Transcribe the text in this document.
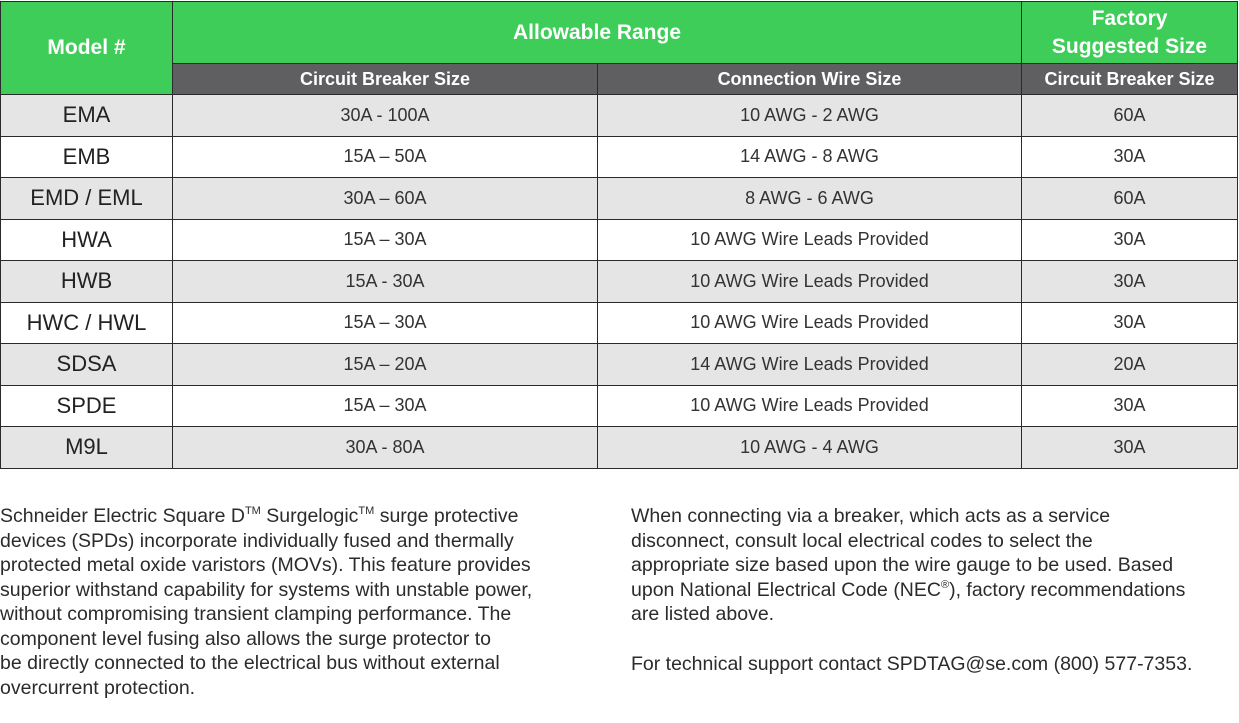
Model #	Allowable Range		Factory
Suggested Size

	Circuit Breaker Size	Connection Wire Size	Circuit Breaker Size
EMA	30A - 100A	10 AWG - 2 AWG	60A
EMB	15A – 50A	14 AWG - 8 AWG	30A
EMD / EML	30A – 60A	8 AWG - 6 AWG	60A
HWA	15A – 30A	10 AWG Wire Leads Provided	30A
HWB	15A - 30A	10 AWG Wire Leads Provided	30A
HWC / HWL	15A – 30A	10 AWG Wire Leads Provided	30A
SDSA	15A – 20A	14 AWG Wire Leads Provided	20A
SPDE	15A – 30A	10 AWG Wire Leads Provided	30A
M9L	30A - 80A	10 AWG - 4 AWG	30A
Schneider Electric Square D™ Surgelogic™ surge protective
devices (SPDs) incorporate individually fused and thermally
protected metal oxide varistors (MOVs). This feature provides
superior withstand capability for systems with unstable power,
without compromising transient clamping performance. The
component level fusing also allows the surge protector to
be directly connected to the electrical bus without external
overcurrent protection.
When connecting via a breaker, which acts as a service
disconnect, consult local electrical codes to select the
appropriate size based upon the wire gauge to be used. Based
upon National Electrical Code (NEC®), factory recommendations
are listed above.
For technical support contact SPDTAG@se.com (800) 577-7353.
